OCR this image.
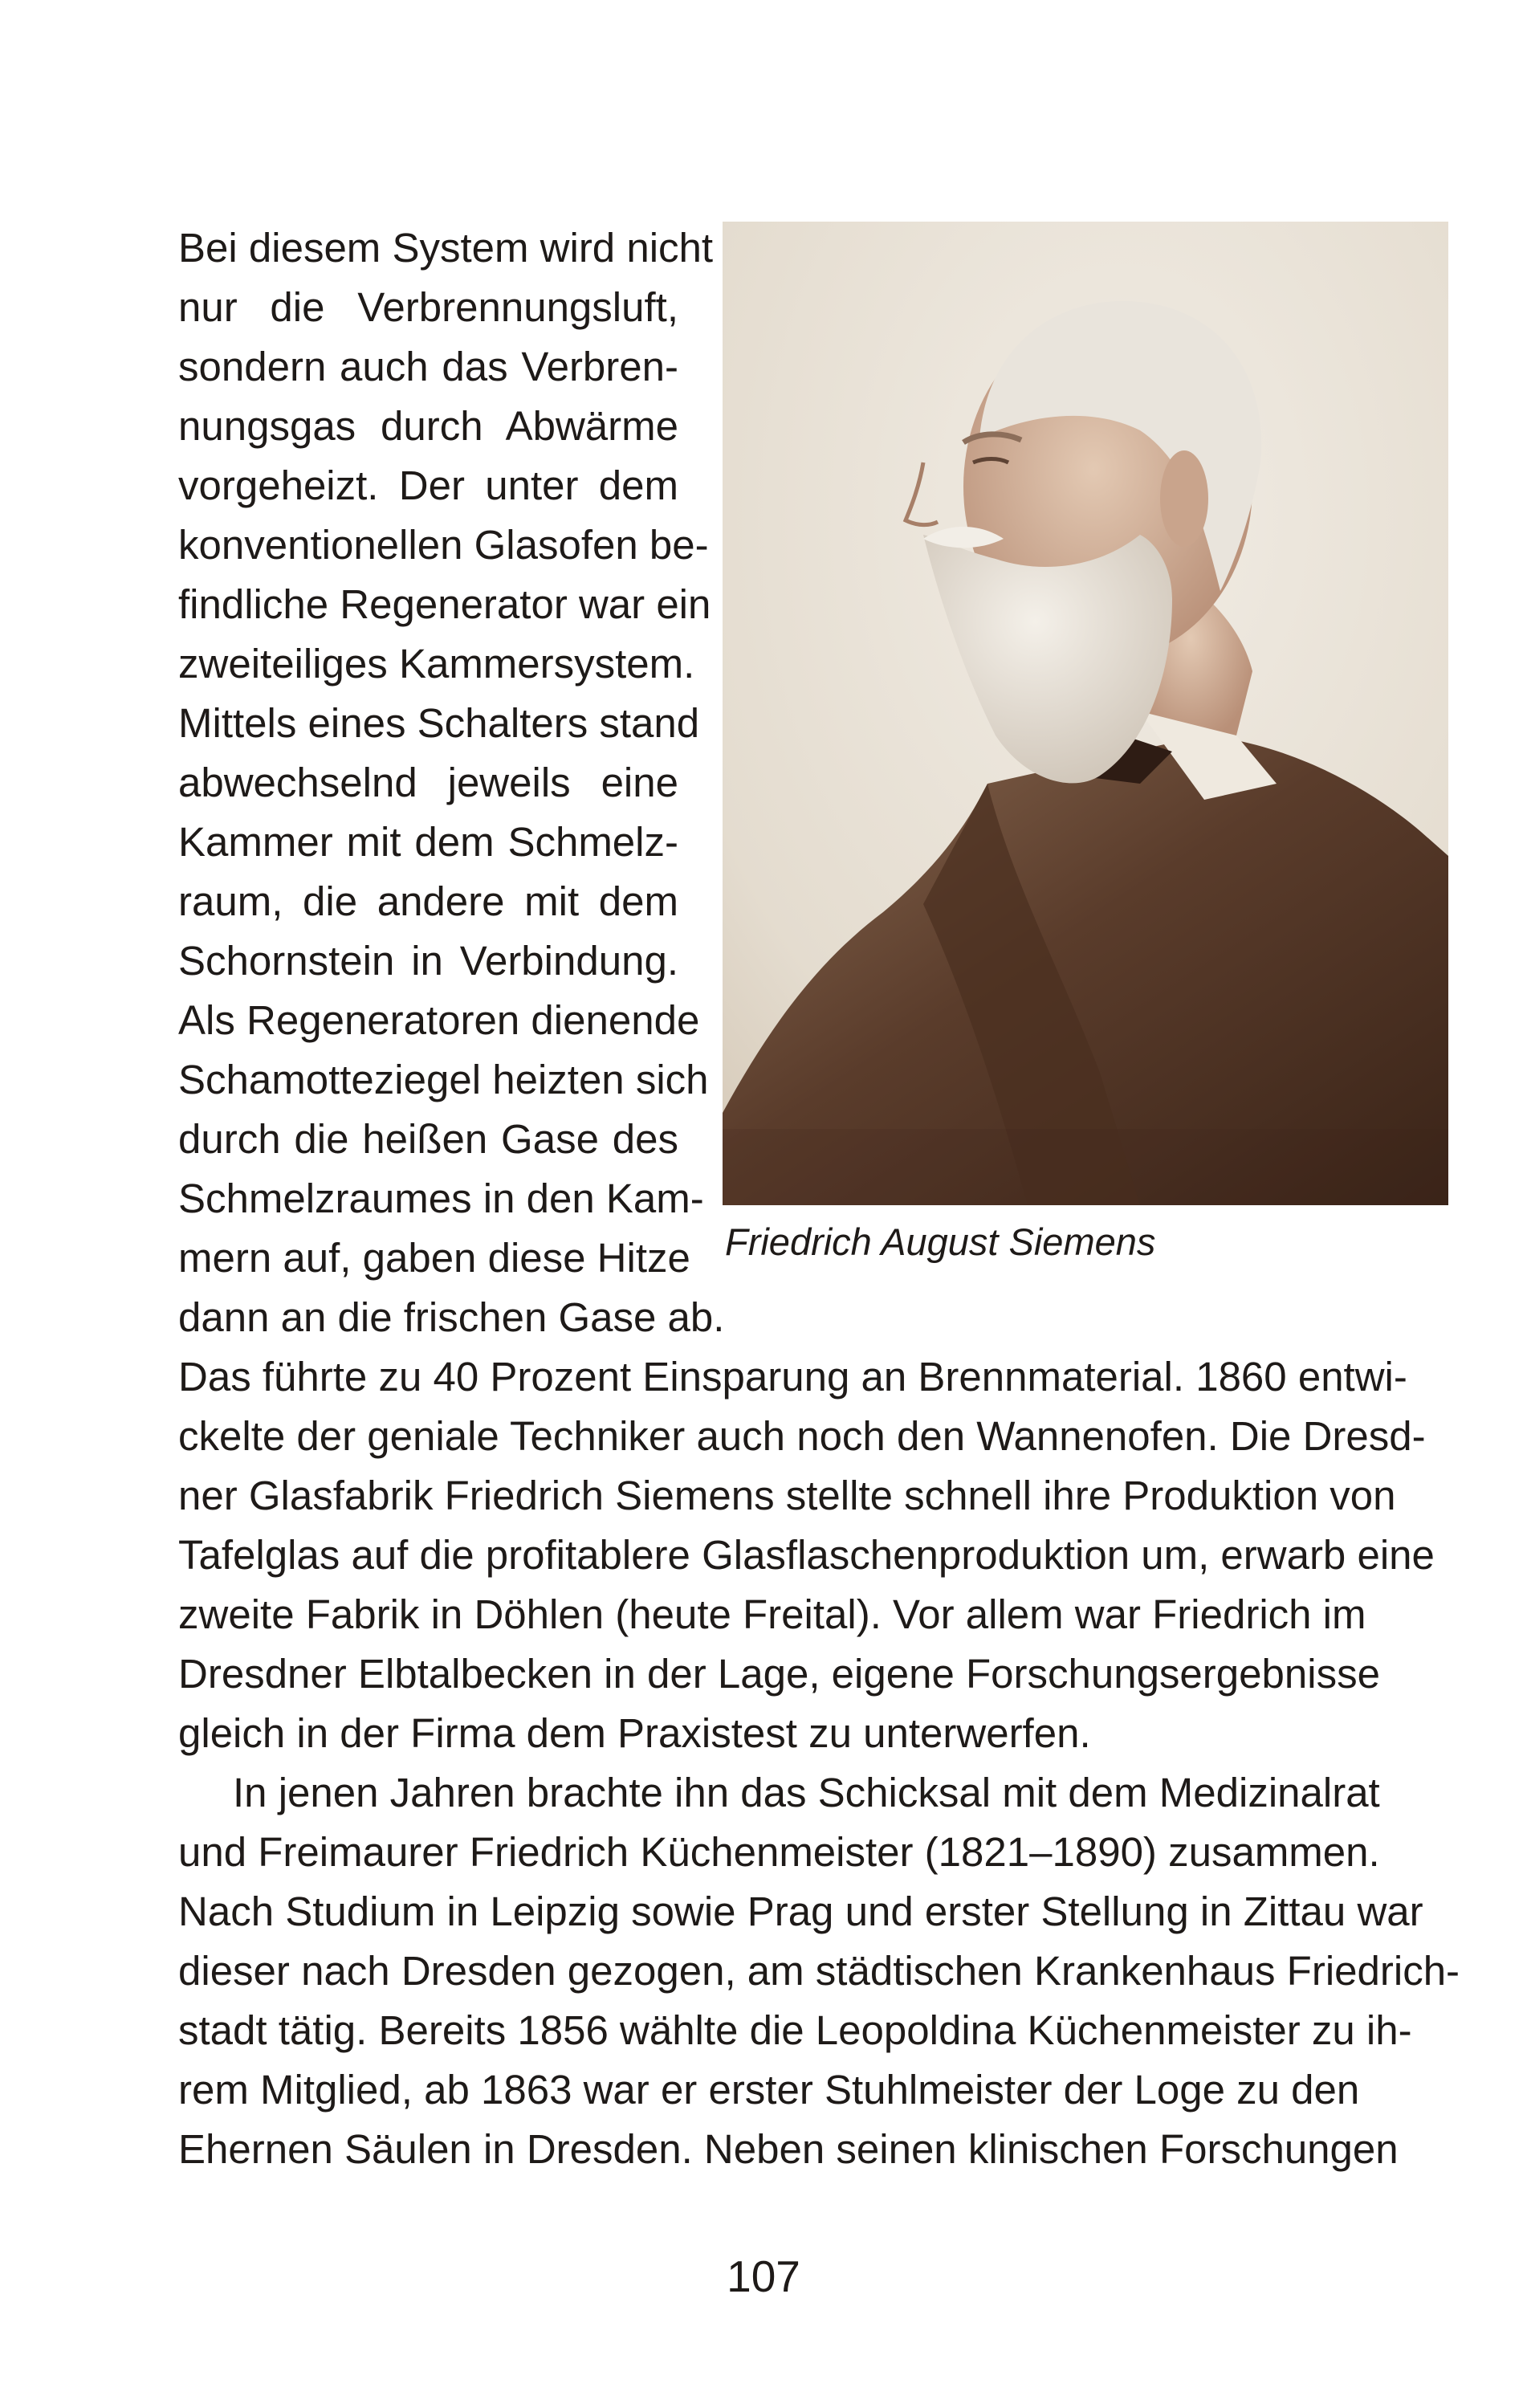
Bei diesem System wird nicht

nur die Verbrennungsluft,

sondern auch das Verbren-

nungsgas durch Abwärme

vorgeheizt. Der unter dem

konventionellen Glasofen be-

findliche Regenerator war ein

zweiteiliges Kammersystem.

Mittels eines Schalters stand

abwechselnd jeweils eine

Kammer mit dem Schmelz-

raum, die andere mit dem

Schornstein in Verbindung.

Als Regeneratoren dienende

Schamotteziegel heizten sich

durch die heißen Gase des

Schmelzraumes in den Kam-

mern auf, gaben diese Hitze

dann an die frischen Gase ab.

Friedrich August Siemens

Das führte zu 40 Prozent Einsparung an Brennmaterial. 1860 entwi-

ckelte der geniale Techniker auch noch den Wannenofen. Die Dresd-

ner Glasfabrik Friedrich Siemens stellte schnell ihre Produktion von

Tafelglas auf die profitablere Glasflaschenproduktion um, erwarb eine

zweite Fabrik in Döhlen (heute Freital). Vor allem war Friedrich im

Dresdner Elbtalbecken in der Lage, eigene Forschungsergebnisse

gleich in der Firma dem Praxistest zu unterwerfen.

In jenen Jahren brachte ihn das Schicksal mit dem Medizinalrat

und Freimaurer Friedrich Küchenmeister (1821–1890) zusammen.

Nach Studium in Leipzig sowie Prag und erster Stellung in Zittau war

dieser nach Dresden gezogen, am städtischen Krankenhaus Friedrich-

stadt tätig. Bereits 1856 wählte die Leopoldina Küchenmeister zu ih-

rem Mitglied, ab 1863 war er erster Stuhlmeister der Loge zu den

Ehernen Säulen in Dresden. Neben seinen klinischen Forschungen

107
